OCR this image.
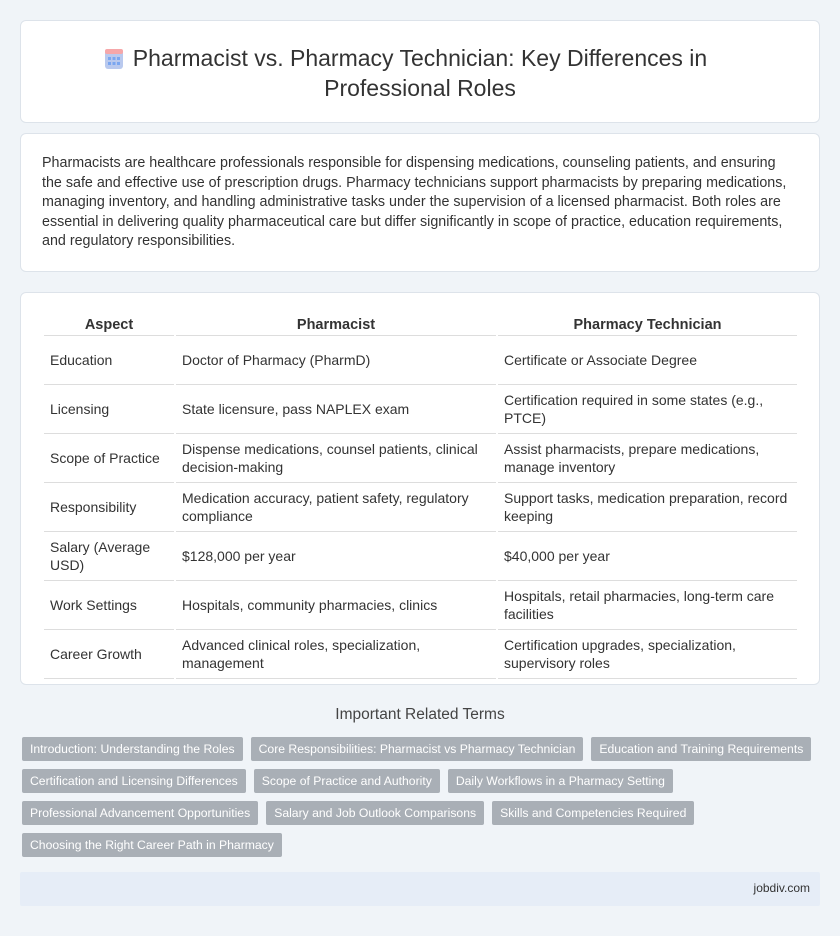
Pharmacist vs. Pharmacy Technician: Key Differences in Professional Roles

Pharmacists are healthcare professionals responsible for dispensing medications, counseling patients, and ensuring the safe and effective use of prescription drugs. Pharmacy technicians support pharmacists by preparing medications, managing inventory, and handling administrative tasks under the supervision of a licensed pharmacist. Both roles are essential in delivering quality pharmaceutical care but differ significantly in scope of practice, education requirements, and regulatory responsibilities.

Aspect	Pharmacist	Pharmacy Technician
Education	Doctor of Pharmacy (PharmD)	Certificate or Associate Degree
Licensing	State licensure, pass NAPLEX exam	Certification required in some states (e.g., PTCE)
Scope of Practice	Dispense medications, counsel patients, clinical decision-making	Assist pharmacists, prepare medications, manage inventory
Responsibility	Medication accuracy, patient safety, regulatory compliance	Support tasks, medication preparation, record keeping
Salary (Average USD)	$128,000 per year	$40,000 per year
Work Settings	Hospitals, community pharmacies, clinics	Hospitals, retail pharmacies, long-term care facilities
Career Growth	Advanced clinical roles, specialization, management	Certification upgrades, specialization, supervisory roles
Important Related Terms
Introduction: Understanding the Roles	Core Responsibilities: Pharmacist vs Pharmacy Technician	Education and Training Requirements
Certification and Licensing Differences	Scope of Practice and Authority	Daily Workflows in a Pharmacy Setting
Professional Advancement Opportunities	Salary and Job Outlook Comparisons	Skills and Competencies Required
Choosing the Right Career Path in Pharmacy
jobdiv.com
